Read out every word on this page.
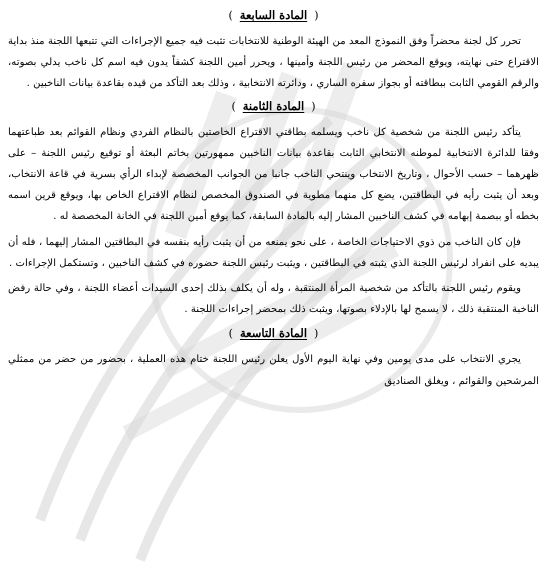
( المادة السابعة )

تحرر كل لجنة محضراً وفق النموذج المعد من الهيئة الوطنية للانتخابات تثبت فيه جميع الإجراءات التي تتبعها اللجنة منذ بداية الاقتراع حتى نهايته، ويوقع المحضر من رئيس اللجنة وأمينها ، ويحرر أمين اللجنة كشفاً يدون فيه اسم كل ناخب يدلي بصوته، والرقم القومي الثابت ببطاقته أو بجواز سفره الساري ، ودائرته الانتخابية ، وذلك بعد التأكد من قيده بقاعدة بيانات الناخبين .

( المادة الثامنة )

يتأكد رئيس اللجنة من شخصية كل ناخب ويسلمه بطاقتي الاقتراع الخاصتين بالنظام الفردي ونظام القوائم بعد طباعتهما وفقا للدائرة الانتخابية لموطنه الانتخابي الثابت بقاعدة بيانات الناخبين ممهورتين بخاتم البعثة أو توقيع رئيس اللجنة – على ظهرهما – حسب الأحوال ، وتاريخ الانتخاب وينتحي الناخب جانبا من الجوانب المخصصة لإبداء الرأي بسرية في قاعة الانتخاب، وبعد أن يثبت رأيه في البطاقتين، يضع كل منهما مطوية في الصندوق المخصص لنظام الاقتراع الخاص بها، ويوقع قرين اسمه بخطه أو ببصمة إبهامه في كشف الناخبين المشار إليه بالمادة السابقة، كما يوقع أمين اللجنة في الخانة المخصصة له .

فإن كان الناخب من ذوي الاحتياجات الخاصة ، على نحو يمنعه من أن يثبت رأيه بنفسه في البطاقتين المشار إليهما ، فله أن يبديه على انفراد لرئيس اللجنة الذي يثبته في البطاقتين ، ويثبت رئيس اللجنة حضوره في كشف الناخبين ، وتستكمل الإجراءات .

ويقوم رئيس اللجنة بالتأكد من شخصية المرأة المنتقبة ، وله أن يكلف بذلك إحدى السيدات أعضاء اللجنة ، وفي حالة رفض الناخبة المنتقبة ذلك ، لا يسمح لها بالإدلاء بصوتها، ويثبت ذلك بمحضر إجراءات اللجنة .

( المادة التاسعة )

يجري الانتخاب على مدى يومين وفي نهاية اليوم الأول يعلن رئيس اللجنة ختام هذه العملية ، بحضور من حضر من ممثلي المرشحين والقوائم ، ويغلق الصناديق
